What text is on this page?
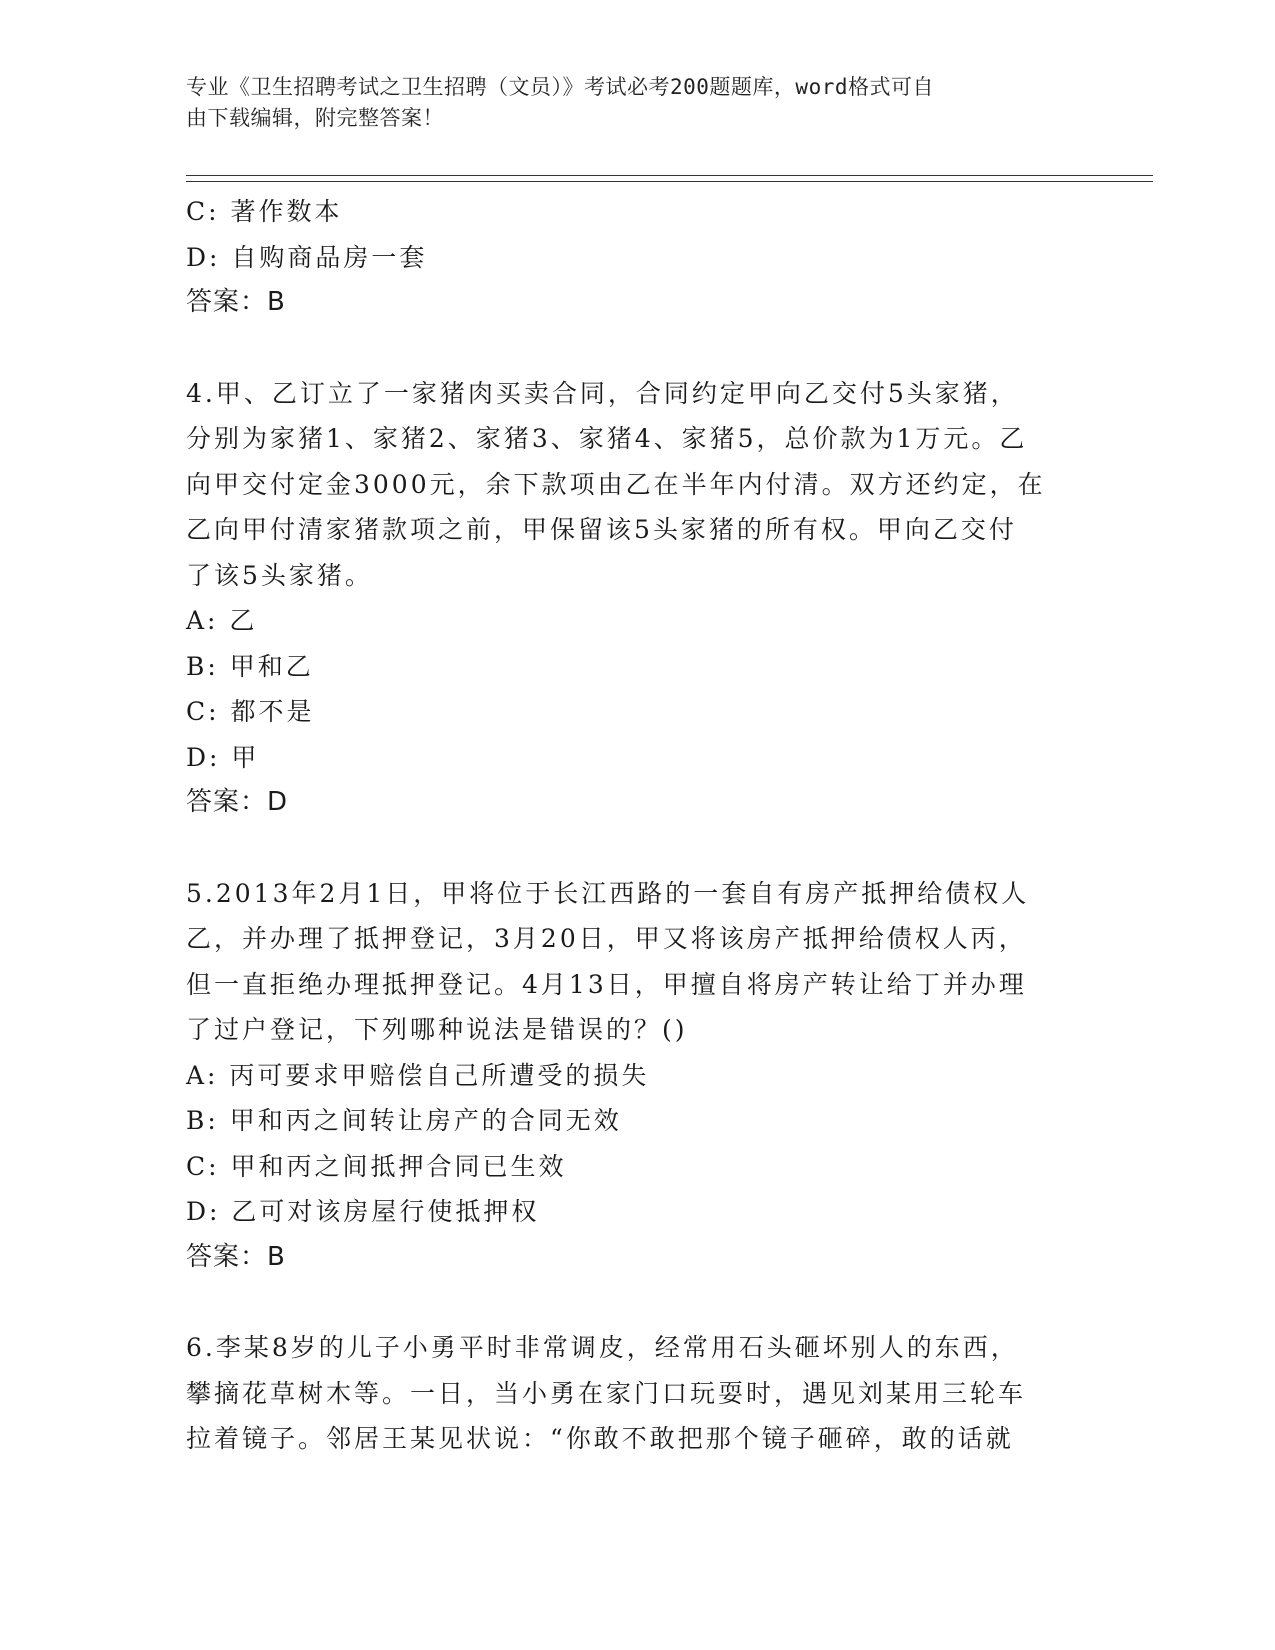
专业《卫生招聘考试之卫生招聘（文员）》考试必考200题题库，word格式可自
由下载编辑，附完整答案！
C: 著作数本
D: 自购商品房一套
答案：B
4.甲、乙订立了一家猪肉买卖合同，合同约定甲向乙交付5头家猪，
分别为家猪1、家猪2、家猪3、家猪4、家猪5，总价款为1万元。乙
向甲交付定金3000元，余下款项由乙在半年内付清。双方还约定，在
乙向甲付清家猪款项之前，甲保留该5头家猪的所有权。甲向乙交付
了该5头家猪。
A: 乙
B: 甲和乙
C: 都不是
D: 甲
答案：D
5.2013年2月1日，甲将位于长江西路的一套自有房产抵押给债权人
乙，并办理了抵押登记，3月20日，甲又将该房产抵押给债权人丙，
但一直拒绝办理抵押登记。4月13日，甲擅自将房产转让给丁并办理
了过户登记，下列哪种说法是错误的？()
A: 丙可要求甲赔偿自己所遭受的损失
B: 甲和丙之间转让房产的合同无效
C: 甲和丙之间抵押合同已生效
D: 乙可对该房屋行使抵押权
答案：B
6.李某8岁的儿子小勇平时非常调皮，经常用石头砸坏别人的东西，
攀摘花草树木等。一日，当小勇在家门口玩耍时，遇见刘某用三轮车
拉着镜子。邻居王某见状说：“你敢不敢把那个镜子砸碎，敢的话就
